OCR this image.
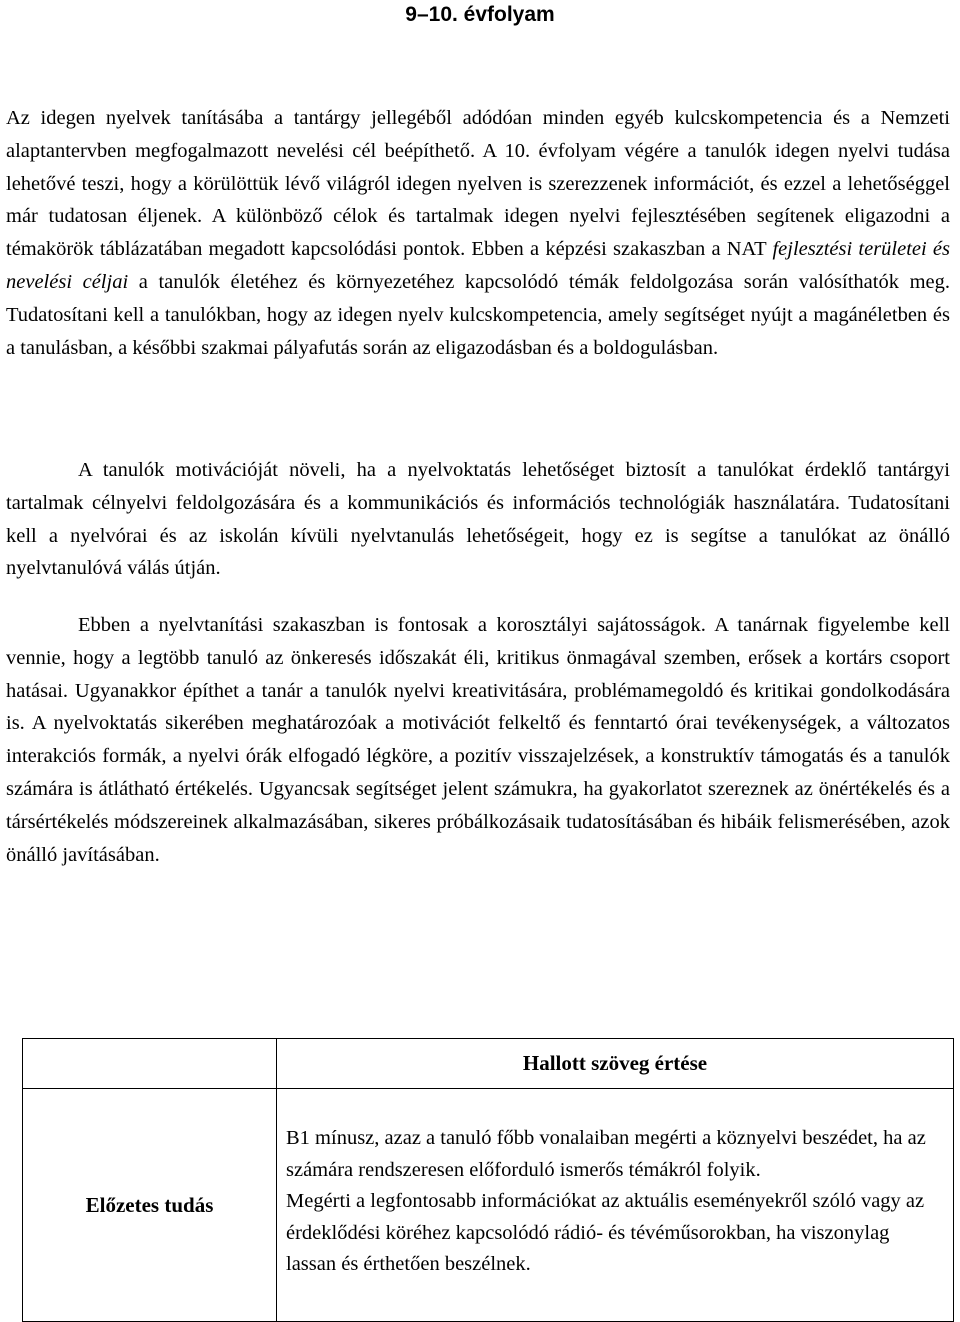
9–10. évfolyam

Az idegen nyelvek tanításába a tantárgy jellegéből adódóan minden egyéb kulcskompetencia és a Nemzeti alaptantervben megfogalmazott nevelési cél beépíthető. A 10. évfolyam végére a tanulók idegen nyelvi tudása lehetővé teszi, hogy a körülöttük lévő világról idegen nyelven is szerezzenek információt, és ezzel a lehetőséggel már tudatosan éljenek. A különböző célok és tartalmak idegen nyelvi fejlesztésében segítenek eligazodni a témakörök táblázatában megadott kapcsolódási pontok. Ebben a képzési szakaszban a NAT fejlesztési területei és nevelési céljai a tanulók életéhez és környezetéhez kapcsolódó témák feldolgozása során valósíthatók meg. Tudatosítani kell a tanulókban, hogy az idegen nyelv kulcskompetencia, amely segítséget nyújt a magánéletben és a tanulásban, a későbbi szakmai pályafutás során az eligazodásban és a boldogulásban.

A tanulók motivációját növeli, ha a nyelvoktatás lehetőséget biztosít a tanulókat érdeklő tantárgyi tartalmak célnyelvi feldolgozására és a kommunikációs és információs technológiák használatára. Tudatosítani kell a nyelvórai és az iskolán kívüli nyelvtanulás lehetőségeit, hogy ez is segítse a tanulókat az önálló nyelvtanulóvá válás útján.

Ebben a nyelvtanítási szakaszban is fontosak a korosztályi sajátosságok. A tanárnak figyelembe kell vennie, hogy a legtöbb tanuló az önkeresés időszakát éli, kritikus önmagával szemben, erősek a kortárs csoport hatásai. Ugyanakkor építhet a tanár a tanulók nyelvi kreativitására, problémamegoldó és kritikai gondolkodására is. A nyelvoktatás sikerében meghatározóak a motivációt felkeltő és fenntartó órai tevékenységek, a változatos interakciós formák, a nyelvi órák elfogadó légköre, a pozitív visszajelzések, a konstruktív támogatás és a tanulók számára is átlátható értékelés. Ugyancsak segítséget jelent számukra, ha gyakorlatot szereznek az önértékelés és a társértékelés módszereinek alkalmazásában, sikeres próbálkozásaik tudatosításában és hibáik felismerésében, azok önálló javításában.

	Hallott szöveg értése
Előzetes tudás	B1 mínusz, azaz a tanuló főbb vonalaiban megérti a köznyelvi beszédet, ha az számára rendszeresen előforduló ismerős témákról folyik.
Megérti a legfontosabb információkat az aktuális eseményekről szóló vagy az érdeklődési köréhez kapcsolódó rádió- és tévéműsorokban, ha viszonylag lassan és érthetően beszélnek.
